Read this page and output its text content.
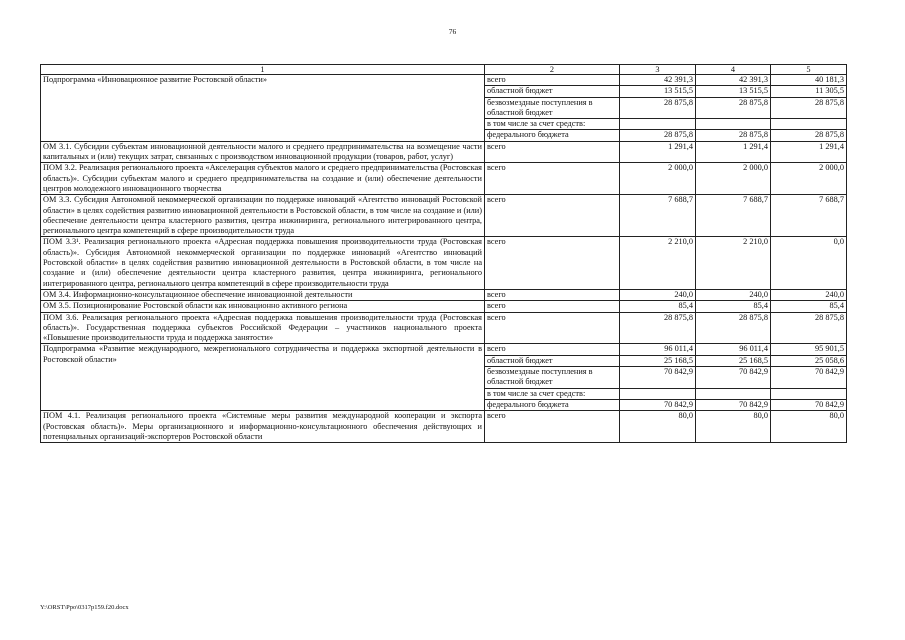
76
1	2	3	4	5
Подпрограмма «Инновационное развитие Ростовской области»	всего	42 391,3	42 391,3	40 181,3
	областной бюджет	13 515,5	13 515,5	11 305,5
	безвозмездные поступления в областной бюджет	28 875,8	28 875,8	28 875,8
	в том числе за счет средств:			
	федерального бюджета	28 875,8	28 875,8	28 875,8
ОМ 3.1. Субсидии субъектам инновационной деятельности малого и среднего предпринимательства на возмещение части капитальных и (или) текущих затрат, связанных с производством инновационной продукции (товаров, работ, услуг)	всего	1 291,4	1 291,4	1 291,4
ПОМ 3.2. Реализация регионального проекта «Акселерация субъектов малого и среднего предпринимательства (Ростовская область)». Субсидии субъектам малого и среднего предпринимательства на создание и (или) обеспечение деятельности центров молодежного инновационного творчества	всего	2 000,0	2 000,0	2 000,0
ОМ 3.3. Субсидия Автономной некоммерческой организации по поддержке инноваций «Агентство инноваций Ростовской области» в целях содействия развитию инновационной деятельности в Ростовской области, в том числе на создание и (или) обеспечение деятельности центра кластерного развития, центра инжиниринга, регионального интегрированного центра, регионального центра компетенций в сфере производительности труда	всего	7 688,7	7 688,7	7 688,7
ПОМ 3.3¹. Реализация регионального проекта «Адресная поддержка повышения производительности труда (Ростовская область)». Субсидия Автономной некоммерческой организации по поддержке инноваций «Агентство инноваций Ростовской области» в целях содействия развитию инновационной деятельности в Ростовской области, в том числе на создание и (или) обеспечение деятельности центра кластерного развития, центра инжиниринга, регионального интегрированного центра, регионального центра компетенций в сфере производительности труда	всего	2 210,0	2 210,0	0,0
ОМ 3.4. Информационно-консультационное обеспечение инновационной деятельности	всего	240,0	240,0	240,0
ОМ 3.5. Позиционирование Ростовской области как инновационно активного региона	всего	85,4	85,4	85,4
ПОМ 3.6. Реализация регионального проекта «Адресная поддержка повышения производительности труда (Ростовская область)». Государственная поддержка субъектов Российской Федерации – участников национального проекта «Повышение производительности труда и поддержка занятости»	всего	28 875,8	28 875,8	28 875,8
Подпрограмма «Развитие международного, межрегионального сотрудничества и поддержка экспортной деятельности в Ростовской области»	всего	96 011,4	96 011,4	95 901,5
	областной бюджет	25 168,5	25 168,5	25 058,6
	безвозмездные поступления в областной бюджет	70 842,9	70 842,9	70 842,9
	в том числе за счет средств:			
	федерального бюджета	70 842,9	70 842,9	70 842,9
ПОМ 4.1. Реализация регионального проекта «Системные меры развития международной кооперации и экспорта (Ростовская область)». Меры организационного и информационно-консультационного обеспечения действующих и потенциальных организаций-экспортеров Ростовской области	всего	80,0	80,0	80,0
Y:\ORST\Ppo\0317p159.f20.docx
